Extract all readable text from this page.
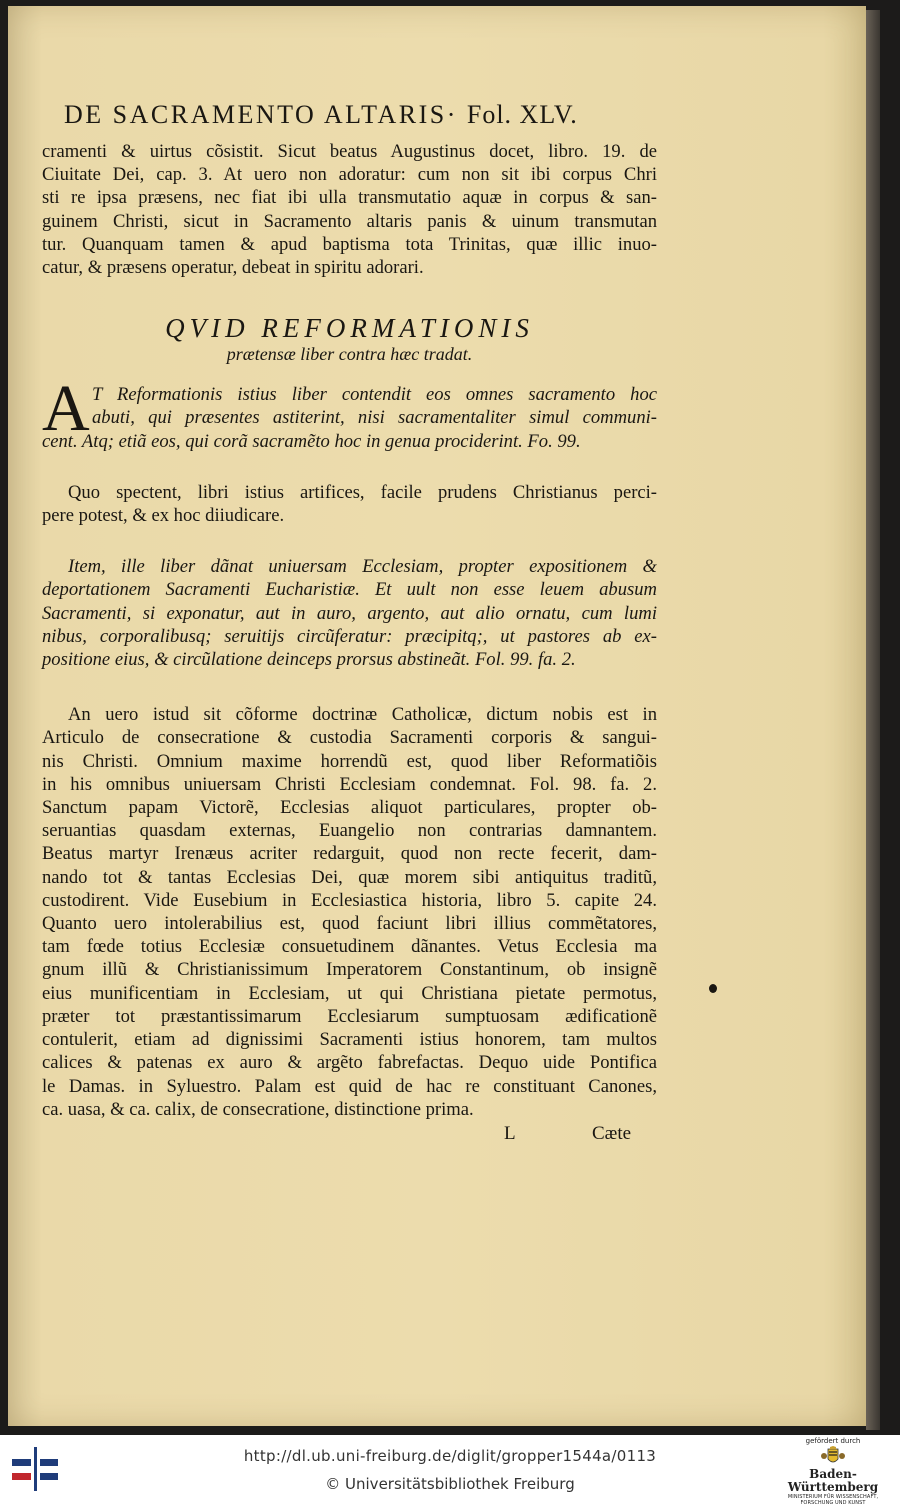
DE SACRAMENTO ALTARIS· Fol. XLV.

cramenti & uirtus cõsistit. Sicut beatus Augustinus docet, libro. 19. de
Ciuitate Dei, cap. 3. At uero non adoratur: cum non sit ibi corpus Chri
sti re ipsa præsens, nec fiat ibi ulla transmutatio aquæ in corpus & san-
guinem Christi, sicut in Sacramento altaris panis & uinum transmutan
tur. Quanquam tamen & apud baptisma tota Trinitas, quæ illic inuo-
catur, & præsens operatur, debeat in spiritu adorari.

QVID REFORMATIONIS
prætensæ liber contra hæc tradat.

A T Reformationis istius liber contendit eos omnes sacramento hoc
abuti, qui præsentes astiterint, nisi sacramentaliter simul communi-
cent. Atq; etiã eos, qui corã sacramẽto hoc in genua prociderint. Fo. 99.

Quo spectent, libri istius artifices, facile prudens Christianus perci-
pere potest, & ex hoc diiudicare.

Item, ille liber dãnat uniuersam Ecclesiam, propter expositionem &
deportationem Sacramenti Eucharistiæ. Et uult non esse leuem abusum
Sacramenti, si exponatur, aut in auro, argento, aut alio ornatu, cum lumi
nibus, corporalibusq; seruitijs circũferatur: præcipitq;, ut pastores ab ex-
positione eius, & circũlatione deinceps prorsus abstineãt. Fol. 99. fa. 2.

An uero istud sit cõforme doctrinæ Catholicæ, dictum nobis est in
Articulo de consecratione & custodia Sacramenti corporis & sangui-
nis Christi. Omnium maxime horrendũ est, quod liber Reformatiõis
in his omnibus uniuersam Christi Ecclesiam condemnat. Fol. 98. fa. 2.
Sanctum papam Victorẽ, Ecclesias aliquot particulares, propter ob-
seruantias quasdam externas, Euangelio non contrarias damnantem.
Beatus martyr Irenæus acriter redarguit, quod non recte fecerit, dam-
nando tot & tantas Ecclesias Dei, quæ morem sibi antiquitus traditũ,
custodirent. Vide Eusebium in Ecclesiastica historia, libro 5. capite 24.
Quanto uero intolerabilius est, quod faciunt libri illius commẽtatores,
tam fœde totius Ecclesiæ consuetudinem dãnantes. Vetus Ecclesia ma
gnum illũ & Christianissimum Imperatorem Constantinum, ob insignẽ
eius munificentiam in Ecclesiam, ut qui Christiana pietate permotus,
præter tot præstantissimarum Ecclesiarum sumptuosam ædificationẽ
contulerit, etiam ad dignissimi Sacramenti istius honorem, tam multos
calices & patenas ex auro & argẽto fabrefactas. Dequo uide Pontifica
le Damas. in Syluestro. Palam est quid de hac re constituant Canones,
ca. uasa, & ca. calix, de consecratione, distinctione prima.

L	Cæte
http://dl.ub.uni-freiburg.de/diglit/gropper1544a/0113
© Universitätsbibliothek Freiburg
gefördert durch
Baden-Württemberg
MINISTERIUM FÜR WISSENSCHAFT, FORSCHUNG UND KUNST
